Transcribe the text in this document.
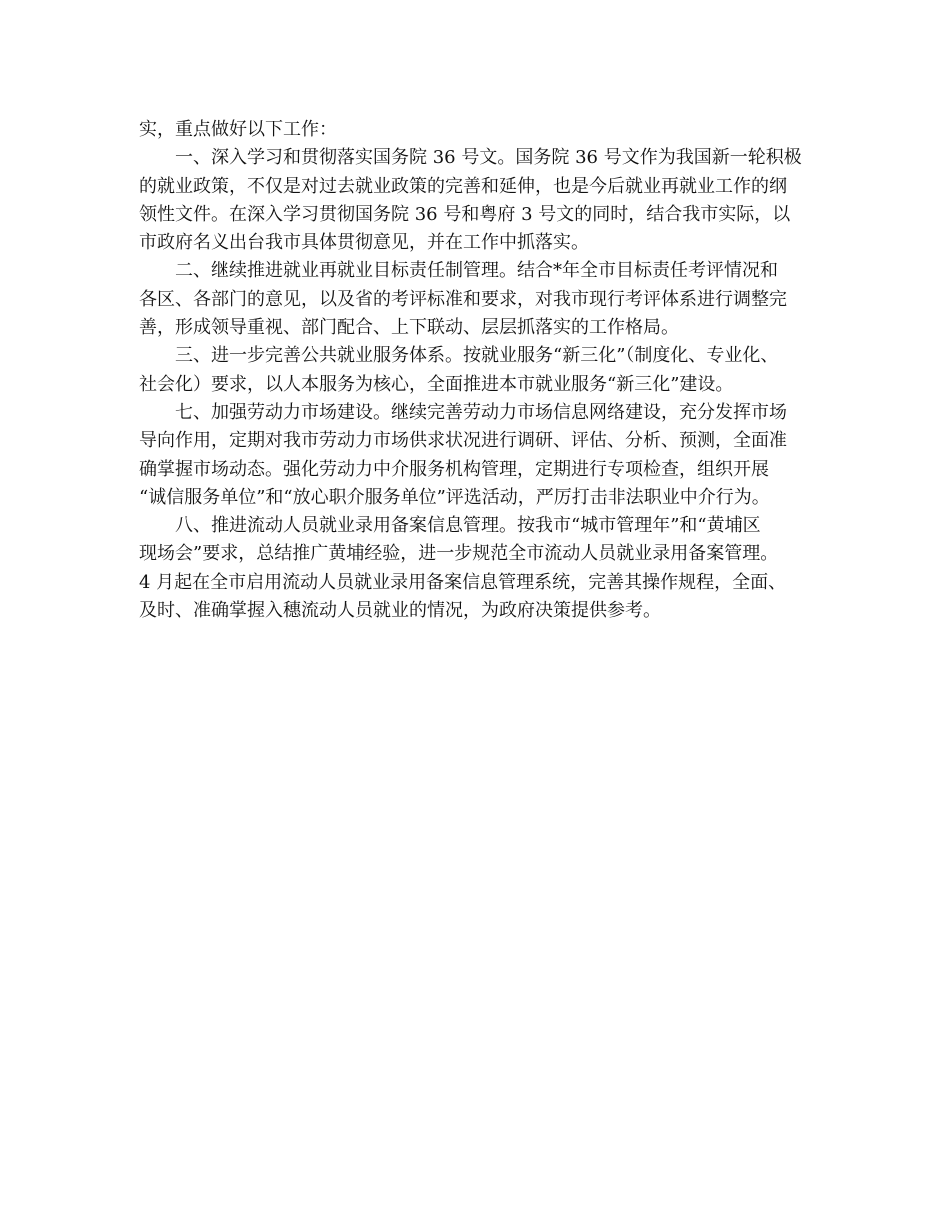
实，重点做好以下工作：
一、深入学习和贯彻落实国务院 36 号文。国务院 36 号文作为我国新一轮积极
的就业政策，不仅是对过去就业政策的完善和延伸，也是今后就业再就业工作的纲
领性文件。在深入学习贯彻国务院 36 号和粤府 3 号文的同时，结合我市实际，以
市政府名义出台我市具体贯彻意见，并在工作中抓落实。
二、继续推进就业再就业目标责任制管理。结合*年全市目标责任考评情况和
各区、各部门的意见，以及省的考评标准和要求，对我市现行考评体系进行调整完
善，形成领导重视、部门配合、上下联动、层层抓落实的工作格局。
三、进一步完善公共就业服务体系。按就业服务“新三化”（制度化、专业化、
社会化）要求，以人本服务为核心，全面推进本市就业服务“新三化”建设。
七、加强劳动力市场建设。继续完善劳动力市场信息网络建设，充分发挥市场
导向作用，定期对我市劳动力市场供求状况进行调研、评估、分析、预测，全面准
确掌握市场动态。强化劳动力中介服务机构管理，定期进行专项检查，组织开展
“诚信服务单位”和“放心职介服务单位”评选活动，严厉打击非法职业中介行为。
八、推进流动人员就业录用备案信息管理。按我市“城市管理年”和“黄埔区
现场会”要求，总结推广黄埔经验，进一步规范全市流动人员就业录用备案管理。
4 月起在全市启用流动人员就业录用备案信息管理系统，完善其操作规程，全面、
及时、准确掌握入穗流动人员就业的情况，为政府决策提供参考。
